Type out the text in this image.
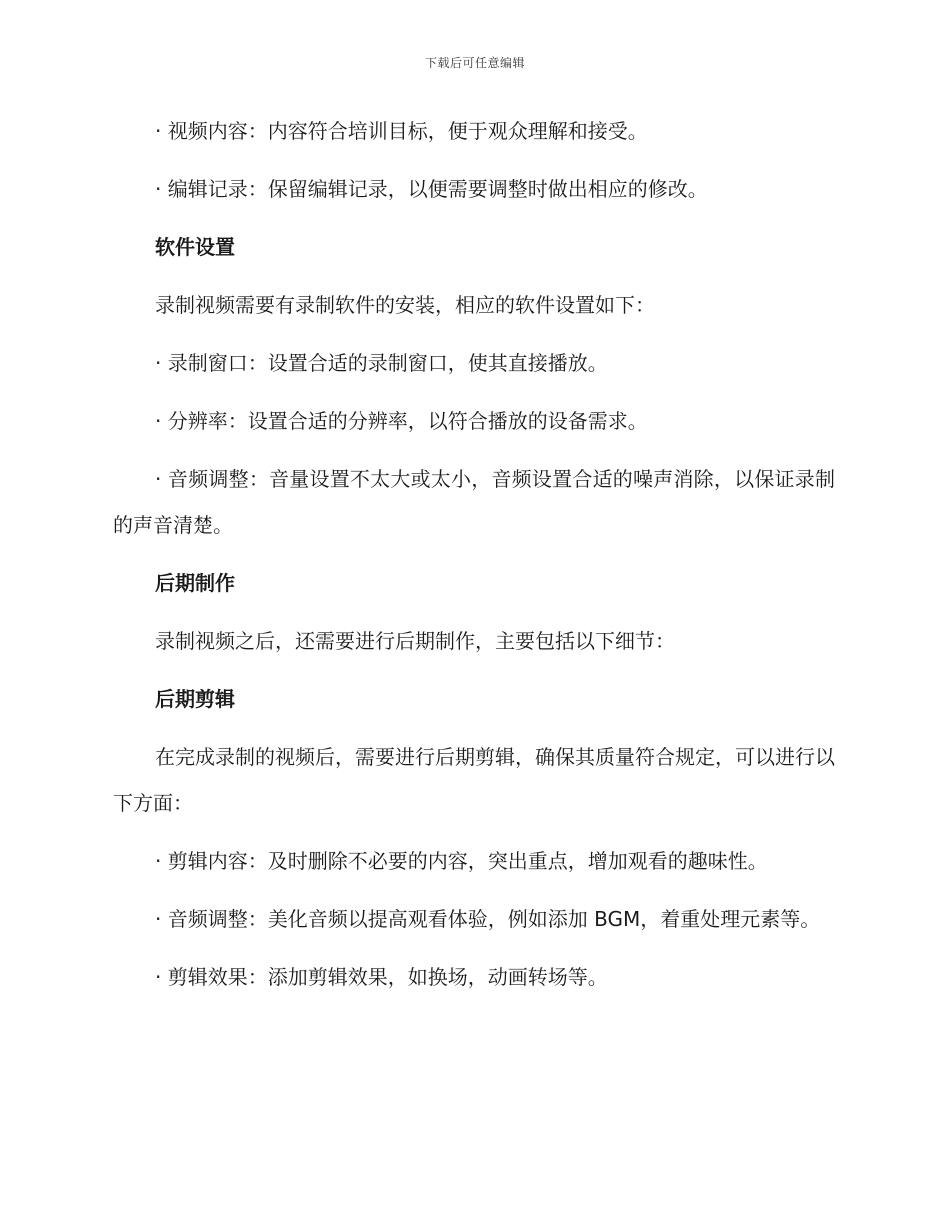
下载后可任意编辑

· 视频内容：内容符合培训目标，便于观众理解和接受。

· 编辑记录：保留编辑记录，以便需要调整时做出相应的修改。

软件设置

录制视频需要有录制软件的安装，相应的软件设置如下：

· 录制窗口：设置合适的录制窗口，使其直接播放。

· 分辨率：设置合适的分辨率，以符合播放的设备需求。

· 音频调整：音量设置不太大或太小，音频设置合适的噪声消除，以保证录制的声音清楚。

后期制作

录制视频之后，还需要进行后期制作，主要包括以下细节：

后期剪辑

在完成录制的视频后，需要进行后期剪辑，确保其质量符合规定，可以进行以下方面：

· 剪辑内容：及时删除不必要的内容，突出重点，增加观看的趣味性。

· 音频调整：美化音频以提高观看体验，例如添加 BGM，着重处理元素等。

· 剪辑效果：添加剪辑效果，如换场，动画转场等。
